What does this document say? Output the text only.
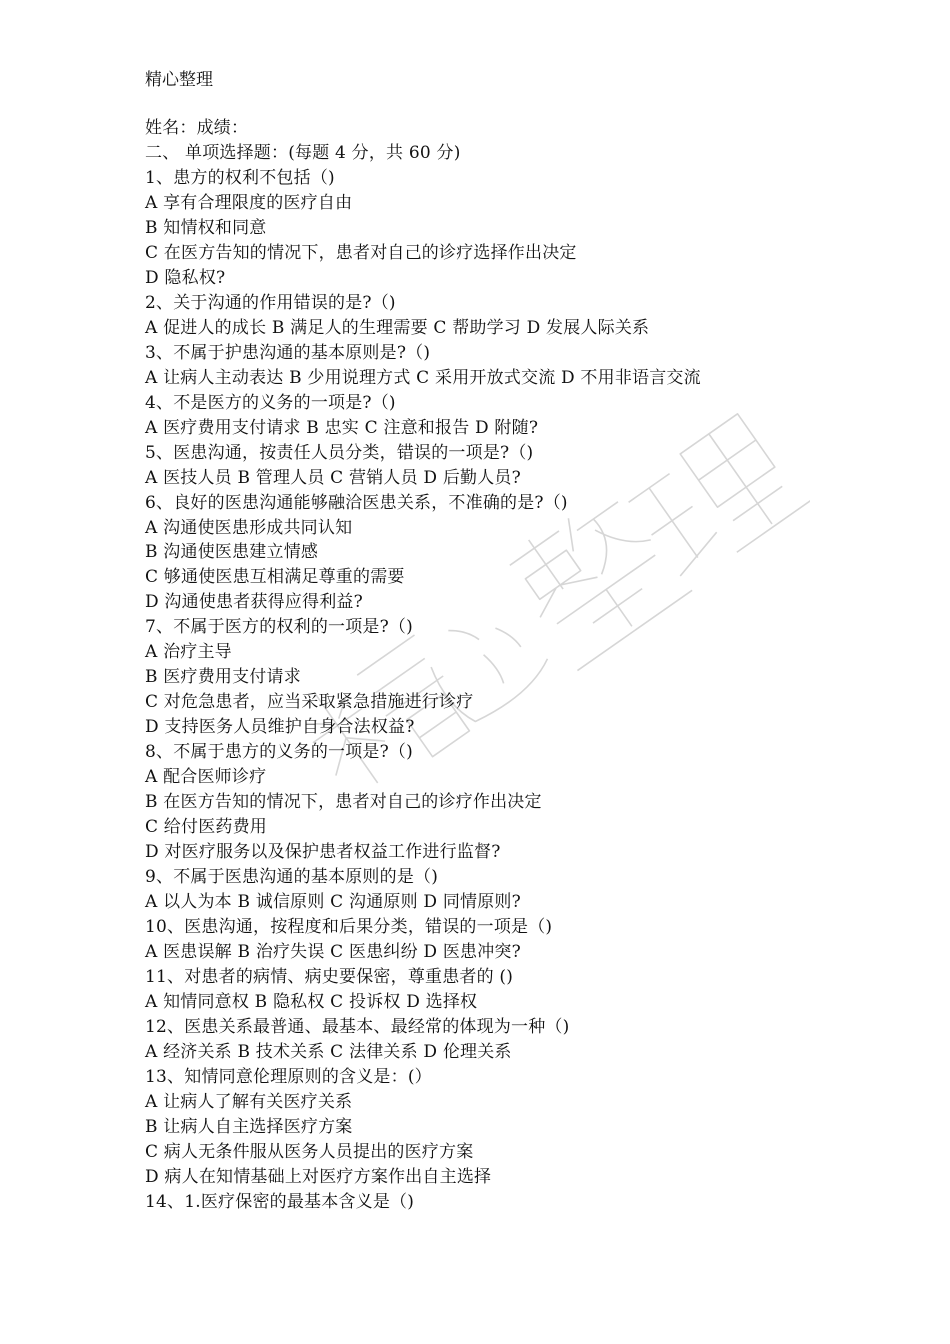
精心整理
姓名：成绩：
二、 单项选择题：(每题 4 分，共 60 分)
1、患方的权利不包括（)
A 享有合理限度的医疗自由
B 知情权和同意
C 在医方告知的情况下，患者对自己的诊疗选择作出决定
D 隐私权?
2、关于沟通的作用错误的是?（)
A 促进人的成长 B 满足人的生理需要 C 帮助学习 D 发展人际关系
3、不属于护患沟通的基本原则是?（)
A 让病人主动表达 B 少用说理方式 C 采用开放式交流 D 不用非语言交流
4、不是医方的义务的一项是?（)
A 医疗费用支付请求 B 忠实 C 注意和报告 D 附随?
5、医患沟通，按责任人员分类，错误的一项是?（)
A 医技人员 B 管理人员 C 营销人员 D 后勤人员?
6、良好的医患沟通能够融洽医患关系，不准确的是?（)
A 沟通使医患形成共同认知
B 沟通使医患建立情感
C 够通使医患互相满足尊重的需要
D 沟通使患者获得应得利益?
7、不属于医方的权利的一项是?（)
A 治疗主导
B 医疗费用支付请求
C 对危急患者，应当采取紧急措施进行诊疗
D 支持医务人员维护自身合法权益?
8、不属于患方的义务的一项是?（)
A 配合医师诊疗
B 在医方告知的情况下，患者对自己的诊疗作出决定
C 给付医药费用
D 对医疗服务以及保护患者权益工作进行监督?
9、不属于医患沟通的基本原则的是（)
A 以人为本 B 诚信原则 C 沟通原则 D 同情原则?
10、医患沟通，按程度和后果分类，错误的一项是（)
A 医患误解 B 治疗失误 C 医患纠纷 D 医患冲突?
11、对患者的病情、病史要保密，尊重患者的 ()
A 知情同意权 B 隐私权 C 投诉权 D 选择权
12、医患关系最普通、最基本、最经常的体现为一种（)
A 经济关系 B 技术关系 C 法律关系 D 伦理关系
13、知情同意伦理原则的含义是：(）
A 让病人了解有关医疗关系
B 让病人自主选择医疗方案
C 病人无条件服从医务人员提出的医疗方案
D 病人在知情基础上对医疗方案作出自主选择
14、1.医疗保密的最基本含义是（)
